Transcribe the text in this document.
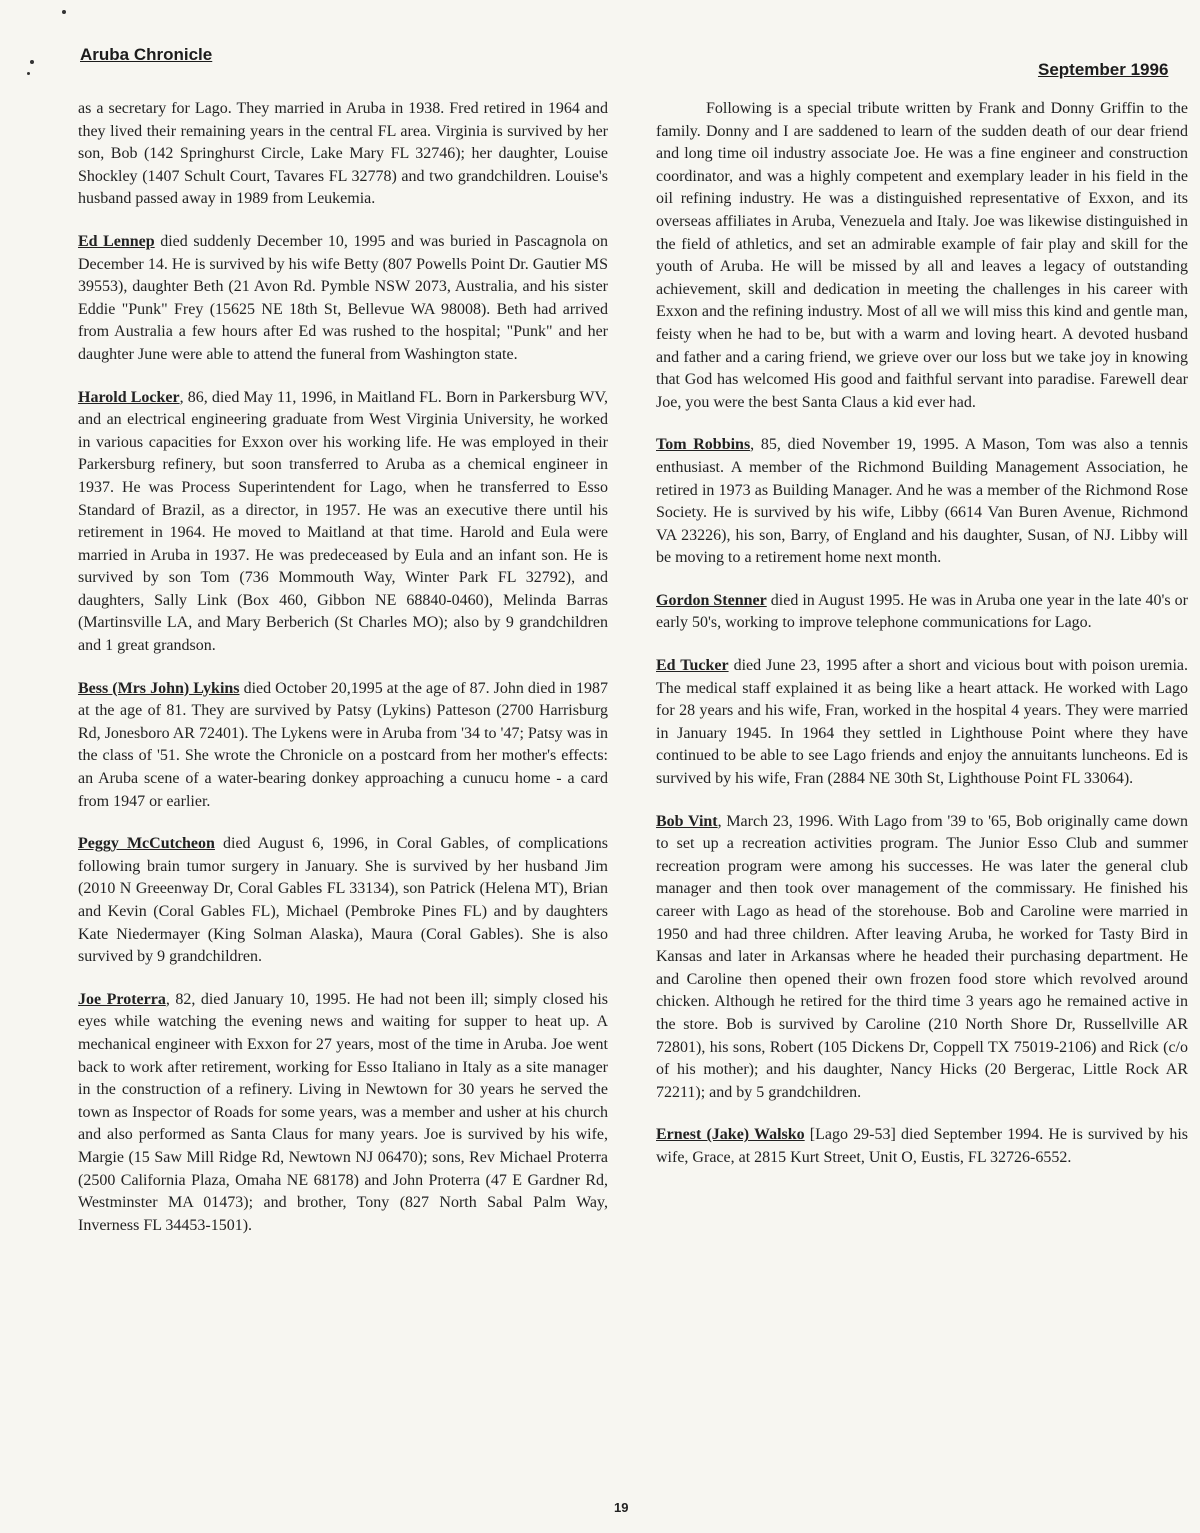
Aruba Chronicle
September 1996

as a secretary for Lago. They married in Aruba in 1938. Fred retired in 1964 and they lived their remaining years in the central FL area. Virginia is survived by her son, Bob (142 Springhurst Circle, Lake Mary FL 32746); her daughter, Louise Shockley (1407 Schult Court, Tavares FL 32778) and two grandchildren. Louise's husband passed away in 1989 from Leukemia.

Ed Lennep died suddenly December 10, 1995 and was buried in Pascagnola on December 14. He is survived by his wife Betty (807 Powells Point Dr. Gautier MS 39553), daughter Beth (21 Avon Rd. Pymble NSW 2073, Australia, and his sister Eddie "Punk" Frey (15625 NE 18th St, Bellevue WA 98008). Beth had arrived from Australia a few hours after Ed was rushed to the hospital; "Punk" and her daughter June were able to attend the funeral from Washington state.

Harold Locker, 86, died May 11, 1996, in Maitland FL. Born in Parkersburg WV, and an electrical engineering graduate from West Virginia University, he worked in various capacities for Exxon over his working life. He was employed in their Parkersburg refinery, but soon transferred to Aruba as a chemical engineer in 1937. He was Process Superintendent for Lago, when he transferred to Esso Standard of Brazil, as a director, in 1957. He was an executive there until his retirement in 1964. He moved to Maitland at that time. Harold and Eula were married in Aruba in 1937. He was predeceased by Eula and an infant son. He is survived by son Tom (736 Mommouth Way, Winter Park FL 32792), and daughters, Sally Link (Box 460, Gibbon NE 68840-0460), Melinda Barras (Martinsville LA, and Mary Berberich (St Charles MO); also by 9 grandchildren and 1 great grandson.

Bess (Mrs John) Lykins died October 20,1995 at the age of 87. John died in 1987 at the age of 81. They are survived by Patsy (Lykins) Patteson (2700 Harrisburg Rd, Jonesboro AR 72401). The Lykens were in Aruba from '34 to '47; Patsy was in the class of '51. She wrote the Chronicle on a postcard from her mother's effects: an Aruba scene of a water-bearing donkey approaching a cunucu home - a card from 1947 or earlier.

Peggy McCutcheon died August 6, 1996, in Coral Gables, of complications following brain tumor surgery in January. She is survived by her husband Jim (2010 N Greeenway Dr, Coral Gables FL 33134), son Patrick (Helena MT), Brian and Kevin (Coral Gables FL), Michael (Pembroke Pines FL) and by daughters Kate Niedermayer (King Solman Alaska), Maura (Coral Gables). She is also survived by 9 grandchildren.

Joe Proterra, 82, died January 10, 1995. He had not been ill; simply closed his eyes while watching the evening news and waiting for supper to heat up. A mechanical engineer with Exxon for 27 years, most of the time in Aruba. Joe went back to work after retirement, working for Esso Italiano in Italy as a site manager in the construction of a refinery. Living in Newtown for 30 years he served the town as Inspector of Roads for some years, was a member and usher at his church and also performed as Santa Claus for many years. Joe is survived by his wife, Margie (15 Saw Mill Ridge Rd, Newtown NJ 06470); sons, Rev Michael Proterra (2500 California Plaza, Omaha NE 68178) and John Proterra (47 E Gardner Rd, Westminster MA 01473); and brother, Tony (827 North Sabal Palm Way, Inverness FL 34453-1501).

Following is a special tribute written by Frank and Donny Griffin to the family. Donny and I are saddened to learn of the sudden death of our dear friend and long time oil industry associate Joe. He was a fine engineer and construction coordinator, and was a highly competent and exemplary leader in his field in the oil refining industry. He was a distinguished representative of Exxon, and its overseas affiliates in Aruba, Venezuela and Italy. Joe was likewise distinguished in the field of athletics, and set an admirable example of fair play and skill for the youth of Aruba. He will be missed by all and leaves a legacy of outstanding achievement, skill and dedication in meeting the challenges in his career with Exxon and the refining industry. Most of all we will miss this kind and gentle man, feisty when he had to be, but with a warm and loving heart. A devoted husband and father and a caring friend, we grieve over our loss but we take joy in knowing that God has welcomed His good and faithful servant into paradise. Farewell dear Joe, you were the best Santa Claus a kid ever had.

Tom Robbins, 85, died November 19, 1995. A Mason, Tom was also a tennis enthusiast. A member of the Richmond Building Management Association, he retired in 1973 as Building Manager. And he was a member of the Richmond Rose Society. He is survived by his wife, Libby (6614 Van Buren Avenue, Richmond VA 23226), his son, Barry, of England and his daughter, Susan, of NJ. Libby will be moving to a retirement home next month.

Gordon Stenner died in August 1995. He was in Aruba one year in the late 40's or early 50's, working to improve telephone communications for Lago.

Ed Tucker died June 23, 1995 after a short and vicious bout with poison uremia. The medical staff explained it as being like a heart attack. He worked with Lago for 28 years and his wife, Fran, worked in the hospital 4 years. They were married in January 1945. In 1964 they settled in Lighthouse Point where they have continued to be able to see Lago friends and enjoy the annuitants luncheons. Ed is survived by his wife, Fran (2884 NE 30th St, Lighthouse Point FL 33064).

Bob Vint, March 23, 1996. With Lago from '39 to '65, Bob originally came down to set up a recreation activities program. The Junior Esso Club and summer recreation program were among his successes. He was later the general club manager and then took over management of the commissary. He finished his career with Lago as head of the storehouse. Bob and Caroline were married in 1950 and had three children. After leaving Aruba, he worked for Tasty Bird in Kansas and later in Arkansas where he headed their purchasing department. He and Caroline then opened their own frozen food store which revolved around chicken. Although he retired for the third time 3 years ago he remained active in the store. Bob is survived by Caroline (210 North Shore Dr, Russellville AR 72801), his sons, Robert (105 Dickens Dr, Coppell TX 75019-2106) and Rick (c/o of his mother); and his daughter, Nancy Hicks (20 Bergerac, Little Rock AR 72211); and by 5 grandchildren.

Ernest (Jake) Walsko [Lago 29-53] died September 1994. He is survived by his wife, Grace, at 2815 Kurt Street, Unit O, Eustis, FL 32726-6552.

19
